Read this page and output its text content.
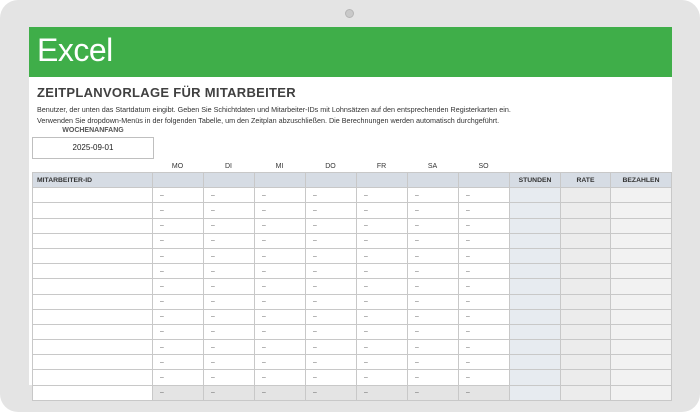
Excel
ZEITPLANVORLAGE FÜR MITARBEITER
Benutzer, der unten das Startdatum eingibt. Geben Sie Schichtdaten und Mitarbeiter-IDs mit Lohnsätzen auf den entsprechenden Registerkarten ein.
Verwenden Sie dropdown-Menüs in der folgenden Tabelle, um den Zeitplan abzuschließen. Die Berechnungen werden automatisch durchgeführt.
WOCHENANFANG
2025-09-01
MO	DI	MI	DO	FR	SA	SO
MITARBEITER-ID									STUNDEN	RATE	BEZAHLEN
	–	–	–	–	–	–	–				
	–	–	–	–	–	–	–				
	–	–	–	–	–	–	–				
	–	–	–	–	–	–	–				
	–	–	–	–	–	–	–				
	–	–	–	–	–	–	–				
	–	–	–	–	–	–	–				
	–	–	–	–	–	–	–				
	–	–	–	–	–	–	–				
	–	–	–	–	–	–	–				
	–	–	–	–	–	–	–				
	–	–	–	–	–	–	–				
	–	–	–	–	–	–	–				
	–	–	–	–	–	–	–				
